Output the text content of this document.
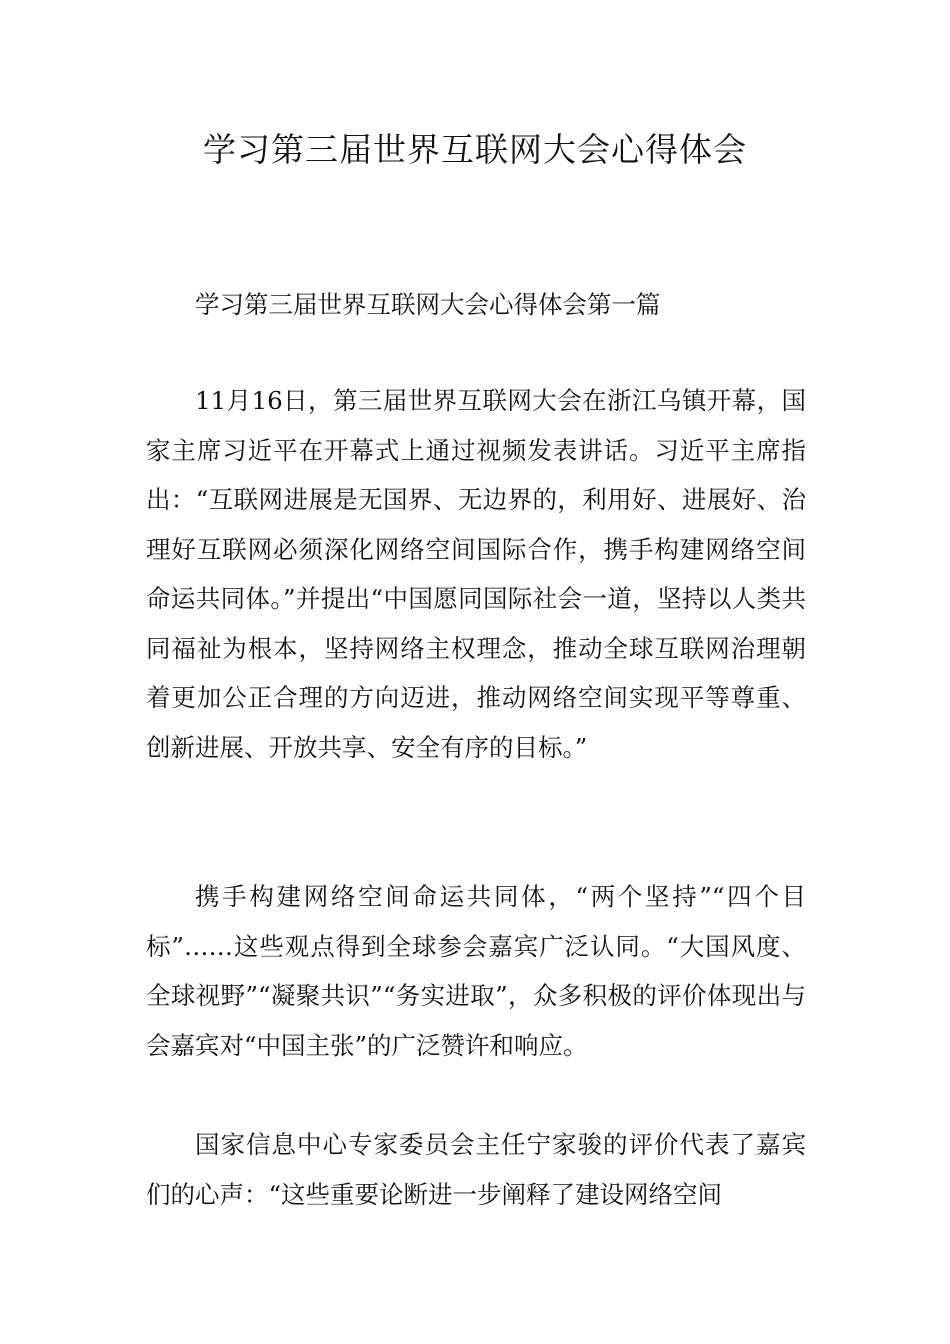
学习第三届世界互联网大会心得体会

学习第三届世界互联网大会心得体会第一篇

11月16日，第三届世界互联网大会在浙江乌镇开幕，国家主席习近平在开幕式上通过视频发表讲话。习近平主席指出：“互联网进展是无国界、无边界的，利用好、进展好、治理好互联网必须深化网络空间国际合作，携手构建网络空间命运共同体。”并提出“中国愿同国际社会一道，坚持以人类共同福祉为根本，坚持网络主权理念，推动全球互联网治理朝着更加公正合理的方向迈进，推动网络空间实现平等尊重、创新进展、开放共享、安全有序的目标。”

携手构建网络空间命运共同体，“两个坚持”“四个目标”……这些观点得到全球参会嘉宾广泛认同。“大国风度、全球视野”“凝聚共识”“务实进取”，众多积极的评价体现出与会嘉宾对“中国主张”的广泛赞许和响应。

国家信息中心专家委员会主任宁家骏的评价代表了嘉宾们的心声：“这些重要论断进一步阐释了建设网络空间
